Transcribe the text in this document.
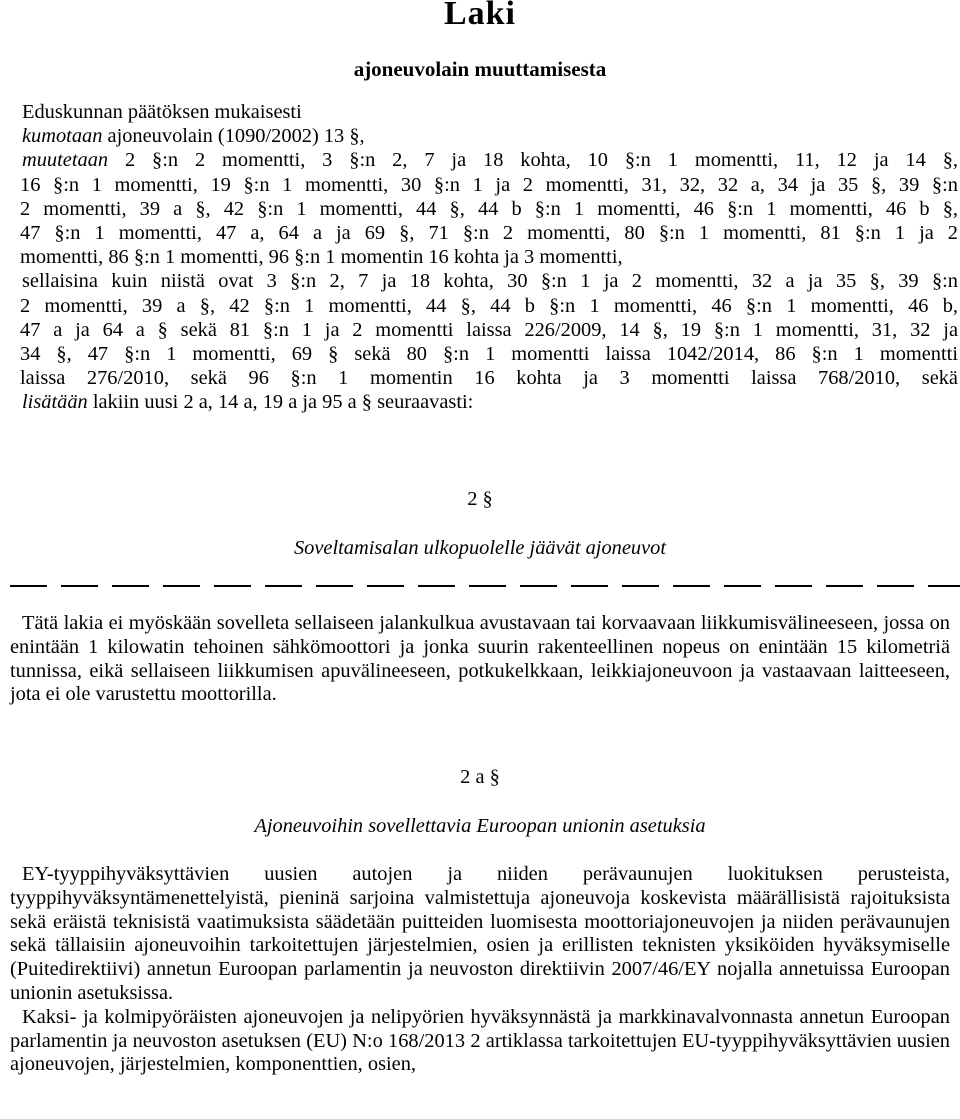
Laki
ajoneuvolain muuttamisesta

Eduskunnan päätöksen mukaisesti

kumotaan ajoneuvolain (1090/2002) 13 §,

muutetaan 2 §:n 2 momentti, 3 §:n 2, 7 ja 18 kohta, 10 §:n 1 momentti, 11, 12 ja 14 §,

16 §:n 1 momentti, 19 §:n 1 momentti, 30 §:n 1 ja 2 momentti, 31, 32, 32 a, 34 ja 35 §, 39 §:n

2 momentti, 39 a §, 42 §:n 1 momentti, 44 §, 44 b §:n 1 momentti, 46 §:n 1 momentti, 46 b §,

47 §:n 1 momentti, 47 a, 64 a ja 69 §, 71 §:n 2 momentti, 80 §:n 1 momentti, 81 §:n 1 ja 2

momentti, 86 §:n 1 momentti, 96 §:n 1 momentin 16 kohta ja 3 momentti,

sellaisina kuin niistä ovat 3 §:n 2, 7 ja 18 kohta, 30 §:n 1 ja 2 momentti, 32 a ja 35 §, 39 §:n

2 momentti, 39 a §, 42 §:n 1 momentti, 44 §, 44 b §:n 1 momentti, 46 §:n 1 momentti, 46 b,

47 a ja 64 a § sekä 81 §:n 1 ja 2 momentti laissa 226/2009, 14 §, 19 §:n 1 momentti, 31, 32 ja

34 §, 47 §:n 1 momentti, 69 § sekä 80 §:n 1 momentti laissa 1042/2014, 86 §:n 1 momentti

laissa 276/2010, sekä 96 §:n 1 momentin 16 kohta ja 3 momentti laissa 768/2010, sekä

lisätään lakiin uusi 2 a, 14 a, 19 a ja 95 a § seuraavasti:

2 §

Soveltamisalan ulkopuolelle jäävät ajoneuvot

Tätä lakia ei myöskään sovelleta sellaiseen jalankulkua avustavaan tai korvaavaan liikkumisvälineeseen, jossa on enintään 1 kilowatin tehoinen sähkömoottori ja jonka suurin rakenteellinen nopeus on enintään 15 kilometriä tunnissa, eikä sellaiseen liikkumisen apuvälineeseen, potkukelkkaan, leikkiajoneuvoon ja vastaavaan laitteeseen, jota ei ole varustettu moottorilla.

2 a §

Ajoneuvoihin sovellettavia Euroopan unionin asetuksia

EY-tyyppihyväksyttävien uusien autojen ja niiden perävaunujen luokituksen perusteista, tyyppihyväksyntämenettelyistä, pieninä sarjoina valmistettuja ajoneuvoja koskevista määrällisistä rajoituksista sekä eräistä teknisistä vaatimuksista säädetään puitteiden luomisesta moottoriajoneuvojen ja niiden perävaunujen sekä tällaisiin ajoneuvoihin tarkoitettujen järjestelmien, osien ja erillisten teknisten yksiköiden hyväksymiselle (Puitedirektiivi) annetun Euroopan parlamentin ja neuvoston direktiivin 2007/46/EY nojalla annetuissa Euroopan unionin asetuksissa.

Kaksi- ja kolmipyöräisten ajoneuvojen ja nelipyörien hyväksynnästä ja markkinavalvonnasta annetun Euroopan parlamentin ja neuvoston asetuksen (EU) N:o 168/2013 2 artiklassa tarkoitettujen EU-tyyppihyväksyttävien uusien ajoneuvojen, järjestelmien, komponenttien, osien,
